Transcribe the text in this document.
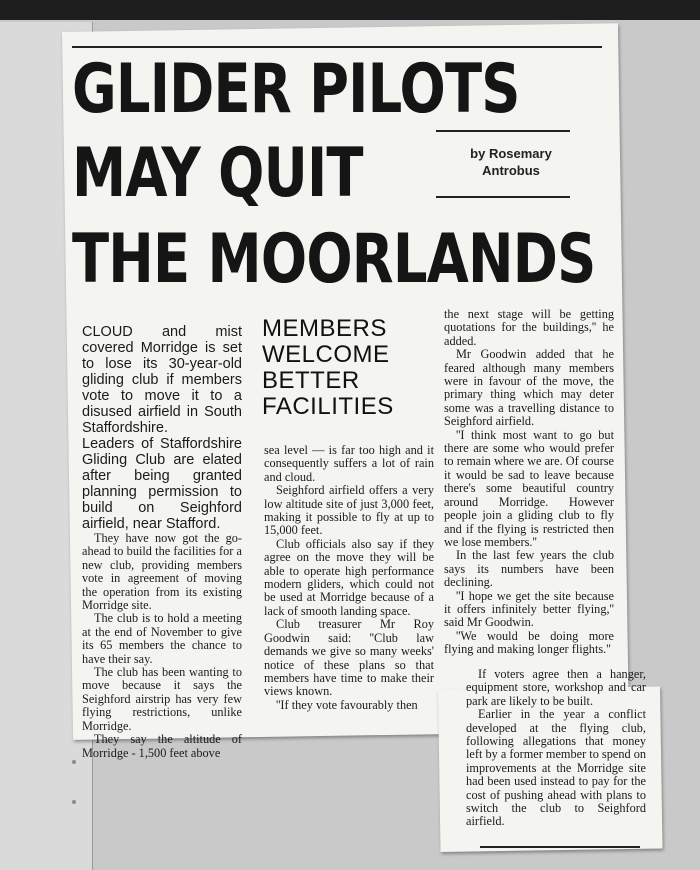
GLIDER PILOTS
MAY QUIT
THE MOORLANDS
by Rosemary
Antrobus
MEMBERS WELCOME BETTER FACILITIES

CLOUD and mist covered Morridge is set to lose its 30-year-old gliding club if members vote to move it to a disused airfield in South Staffordshire.

Leaders of Staffordshire Gliding Club are elated after being granted planning permission to build on Seighford airfield, near Stafford.

They have now got the go-ahead to build the facilities for a new club, providing members vote in agreement of moving the operation from its existing Morridge site.

The club is to hold a meeting at the end of November to give its 65 members the chance to have their say.

The club has been wanting to move because it says the Seighford airstrip has very few flying restrictions, unlike Morridge.

They say the altitude of Morridge - 1,500 feet above

sea level — is far too high and it consequently suffers a lot of rain and cloud.

Seighford airfield offers a very low altitude site of just 3,000 feet, making it possible to fly at up to 15,000 feet.

Club officials also say if they agree on the move they will be able to operate high performance modern gliders, which could not be used at Morridge because of a lack of smooth landing space.

Club treasurer Mr Roy Goodwin said: ''Club law demands we give so many weeks' notice of these plans so that members have time to make their views known.

''If they vote favourably then

the next stage will be getting quotations for the buildings,'' he added.

Mr Goodwin added that he feared although many members were in favour of the move, the primary thing which may deter some was a travelling distance to Seighford airfield.

''I think most want to go but there are some who would prefer to remain where we are. Of course it would be sad to leave because there's some beautiful country around Morridge. However people join a gliding club to fly and if the flying is restricted then we lose members.''

In the last few years the club says its numbers have been declining.

''I hope we get the site because it offers infinitely better flying,'' said Mr Goodwin.

''We would be doing more flying and making longer flights.''

If voters agree then a hanger, equipment store, workshop and car park are likely to be built.

Earlier in the year a conflict developed at the flying club, following allegations that money left by a former member to spend on improvements at the Morridge site had been used instead to pay for the cost of pushing ahead with plans to switch the club to Seighford airfield.
